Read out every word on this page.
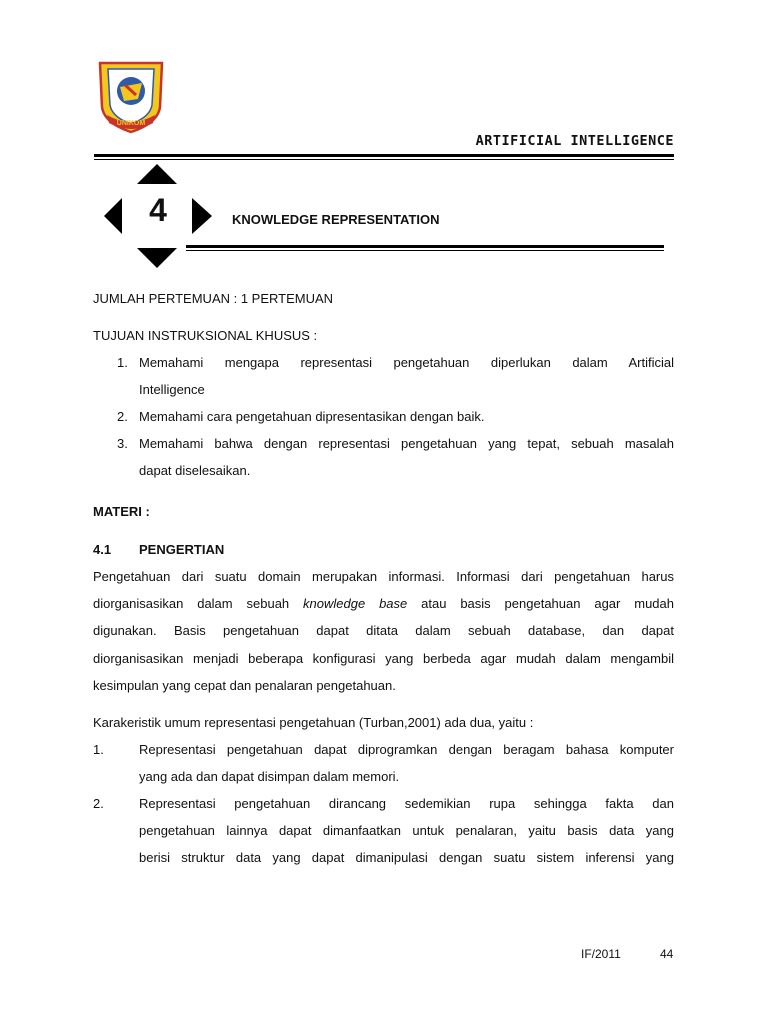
UNIKOM
ARTIFICIAL INTELLIGENCE
4	KNOWLEDGE REPRESENTATION
JUMLAH PERTEMUAN : 1 PERTEMUAN
TUJUAN INSTRUKSIONAL KHUSUS :
1. Memahami mengapa representasi pengetahuan diperlukan dalam Artificial
Intelligence
2. Memahami cara pengetahuan dipresentasikan dengan baik.
3. Memahami bahwa dengan representasi pengetahuan yang tepat, sebuah masalah
dapat diselesaikan.
MATERI :
4.1 PENGERTIAN
Pengetahuan dari suatu domain merupakan informasi. Informasi dari pengetahuan harus
diorganisasikan dalam sebuah knowledge base atau basis pengetahuan agar mudah
digunakan. Basis pengetahuan dapat ditata dalam sebuah database, dan dapat
diorganisasikan menjadi beberapa konfigurasi yang berbeda agar mudah dalam mengambil
kesimpulan yang cepat dan penalaran pengetahuan.
Karakeristik umum representasi pengetahuan (Turban,2001) ada dua, yaitu :
1.	Representasi pengetahuan dapat diprogramkan dengan beragam bahasa komputer
yang ada dan dapat disimpan dalam memori.
2.	Representasi pengetahuan dirancang sedemikian rupa sehingga fakta dan
pengetahuan lainnya dapat dimanfaatkan untuk penalaran, yaitu basis data yang
berisi struktur data yang dapat dimanipulasi dengan suatu sistem inferensi yang
IF/2011	44
